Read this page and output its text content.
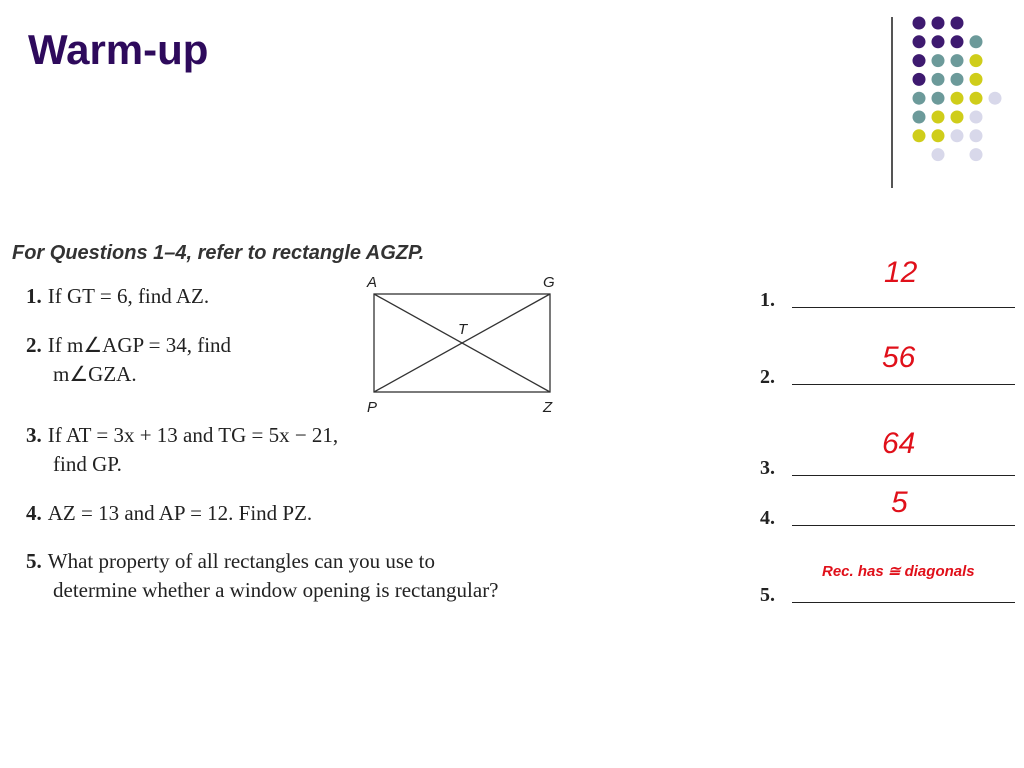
Warm-up
For Questions 1–4, refer to rectangle AGZP.
1. If GT = 6, find AZ.
2. If m∠AGP = 34, find
m∠GZA.
3. If AT = 3x + 13 and TG = 5x − 21,
find GP.
4. AZ = 13 and AP = 12. Find PZ.
5. What property of all rectangles can you use to
determine whether a window opening is rectangular?
A	G
T
P	Z
1.
2.
3.
4.
5.
12
56
64
5
Rec. has ≅ diagonals
